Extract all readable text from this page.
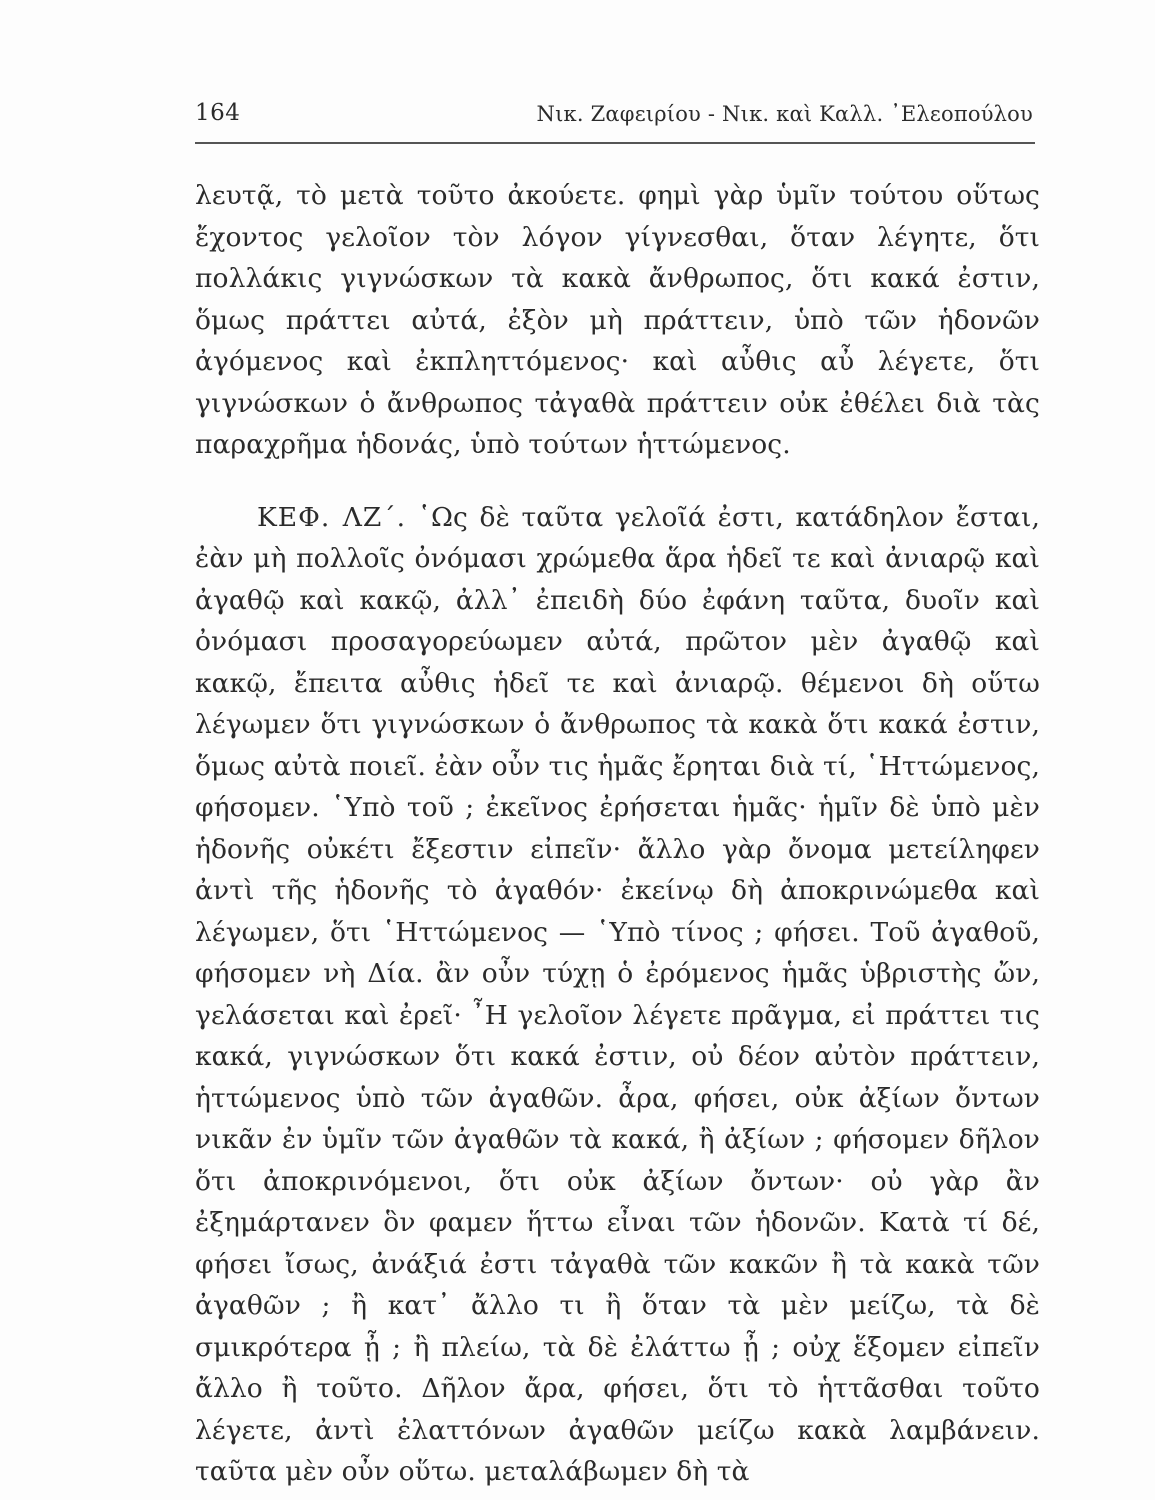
164	Νικ. Ζαφειρίου - Νικ. καὶ Καλλ. ᾿Ελεοπούλου

λευτᾷ, τὸ μετὰ τοῦτο ἀκούετε. φημὶ γὰρ ὑμῖν τούτου οὕτως ἔχοντος γελοῖον τὸν λόγον γίγνεσθαι, ὅταν λέγητε, ὅτι πολλάκις γιγνώσκων τὰ κακὰ ἄνθρωπος, ὅτι κακά ἐστιν, ὅμως πράττει αὐτά, ἐξὸν μὴ πράττειν, ὑπὸ τῶν ἡδονῶν ἀγόμενος καὶ ἐκπληττόμενος· καὶ αὖθις αὖ λέγετε, ὅτι γιγνώσκων ὁ ἄνθρωπος τἀγαθὰ πράττειν οὐκ ἐθέλει διὰ τὰς παραχρῆμα ἡδονάς, ὑπὸ τούτων ἡττώμενος.

ΚΕΦ. ΛΖ΄. ῾Ως δὲ ταῦτα γελοῖά ἐστι, κατάδηλον ἔσται, ἐὰν μὴ πολλοῖς ὀνόμασι χρώμεθα ἅρα ἡδεῖ τε καὶ ἀνιαρῷ καὶ ἀγαθῷ καὶ κακῷ, ἀλλ᾿ ἐπειδὴ δύο ἐφάνη ταῦτα, δυοῖν καὶ ὀνόμασι προσαγορεύωμεν αὐτά, πρῶτον μὲν ἀγαθῷ καὶ κακῷ, ἔπειτα αὖθις ἡδεῖ τε καὶ ἀνιαρῷ. θέμενοι δὴ οὕτω λέγωμεν ὅτι γιγνώσκων ὁ ἄνθρωπος τὰ κακὰ ὅτι κακά ἐστιν, ὅμως αὐτὰ ποιεῖ. ἐὰν οὖν τις ἡμᾶς ἔρηται διὰ τί, ῾Ηττώμενος, φήσομεν. ῾Υπὸ τοῦ ; ἐκεῖνος ἐρήσεται ἡμᾶς· ἡμῖν δὲ ὑπὸ μὲν ἡδονῆς οὐκέτι ἔξεστιν εἰπεῖν· ἄλλο γὰρ ὄνομα μετείληφεν ἀντὶ τῆς ἡδονῆς τὸ ἀγαθόν· ἐκείνῳ δὴ ἀποκρινώμεθα καὶ λέγωμεν, ὅτι ῾Ηττώμενος — ῾Υπὸ τίνος ; φήσει. Τοῦ ἀγαθοῦ, φήσομεν νὴ Δία. ἂν οὖν τύχῃ ὁ ἐρόμενος ἡμᾶς ὑβριστὴς ὤν, γελάσεται καὶ ἐρεῖ· ῏Η γελοῖον λέγετε πρᾶγμα, εἰ πράττει τις κακά, γιγνώσκων ὅτι κακά ἐστιν, οὐ δέον αὐτὸν πράττειν, ἡττώμενος ὑπὸ τῶν ἀγαθῶν. ἆρα, φήσει, οὐκ ἀξίων ὄντων νικᾶν ἐν ὑμῖν τῶν ἀγαθῶν τὰ κακά, ἢ ἀξίων ; φήσομεν δῆλον ὅτι ἀποκρινόμενοι, ὅτι οὐκ ἀξίων ὄντων· οὐ γὰρ ἂν ἐξημάρτανεν ὃν φαμεν ἥττω εἶναι τῶν ἡδονῶν. Κατὰ τί δέ, φήσει ἴσως, ἀνάξιά ἐστι τἀγαθὰ τῶν κακῶν ἢ τὰ κακὰ τῶν ἀγαθῶν ; ἢ κατ᾿ ἄλλο τι ἢ ὅταν τὰ μὲν μείζω, τὰ δὲ σμικρότερα ᾖ ; ἢ πλείω, τὰ δὲ ἐλάττω ᾖ ; οὐχ ἕξομεν εἰπεῖν ἄλλο ἢ τοῦτο. Δῆλον ἄρα, φήσει, ὅτι τὸ ἡττᾶσθαι τοῦτο λέγετε, ἀντὶ ἐλαττόνων ἀγαθῶν μείζω κακὰ λαμβάνειν. ταῦτα μὲν οὖν οὕτω. μεταλάβωμεν δὴ τὰ
